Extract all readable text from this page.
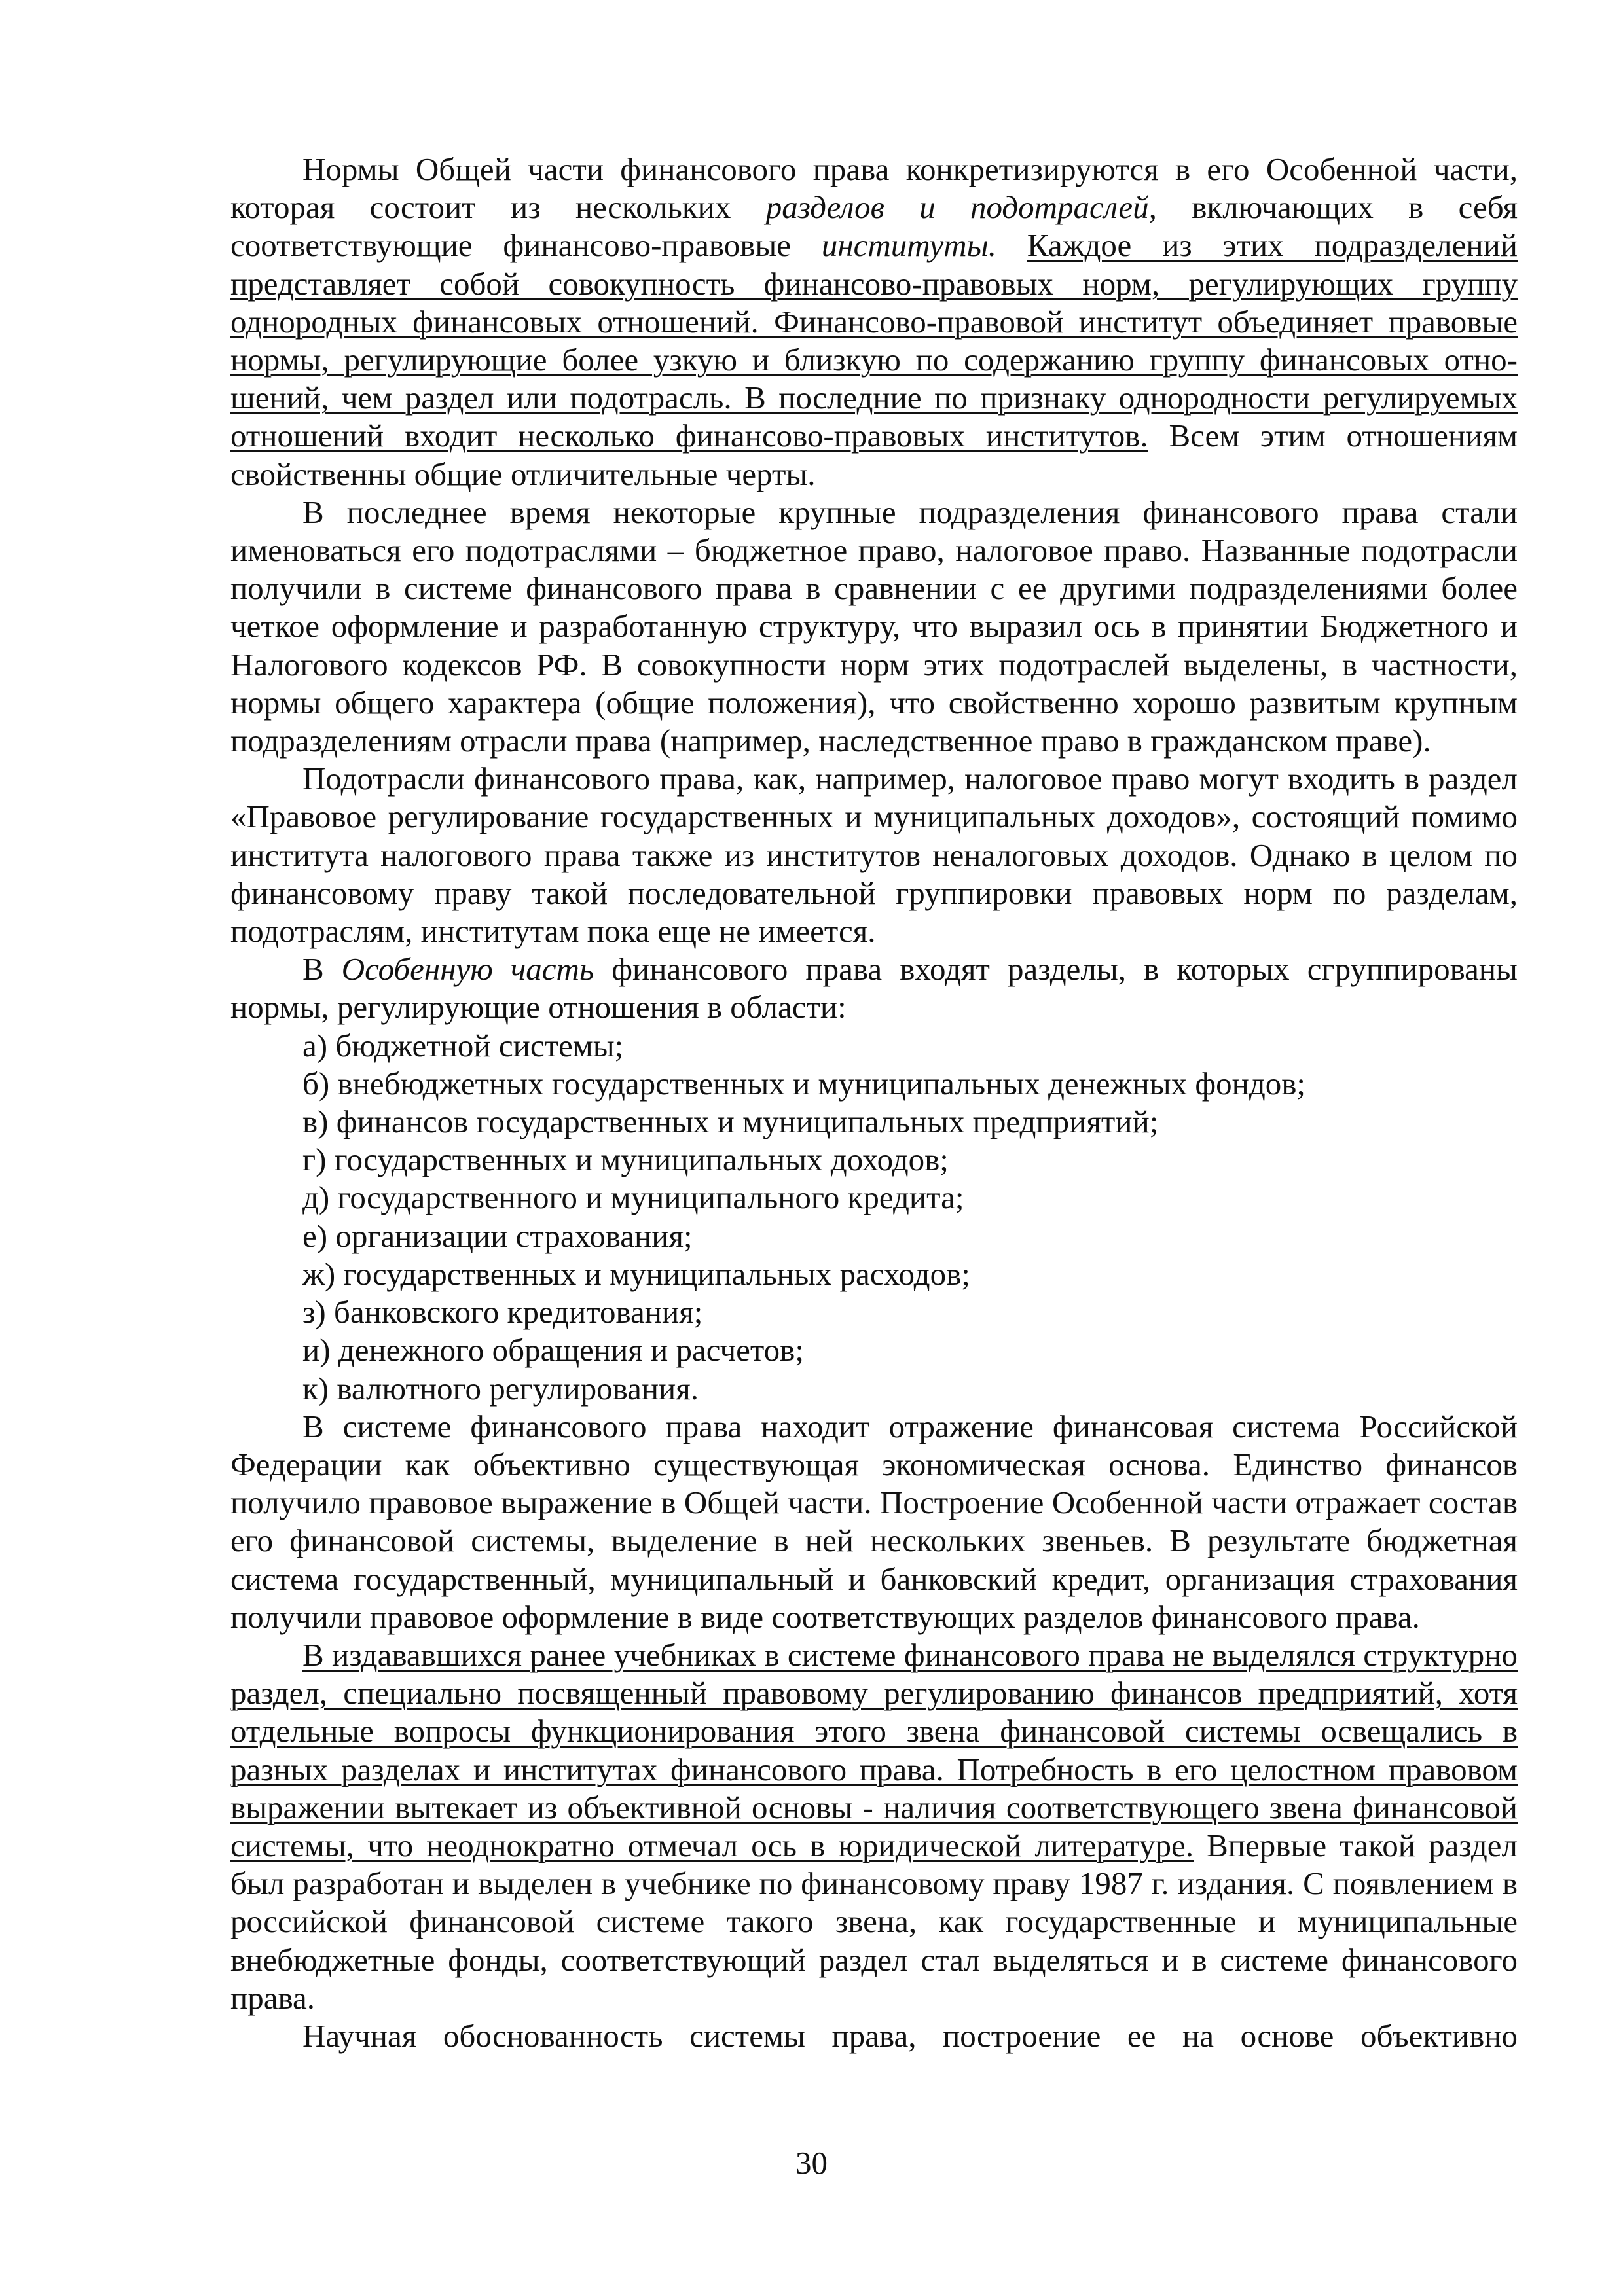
Нормы Общей части финансового права конкретизируются в его Особенной части, которая состоит из нескольких разделов и подотраслей, включающих в себя соответствующие финансово-правовые институты. Каждое из этих подразделений представляет собой совокупность финансово-правовых норм, регулирующих группу однородных финансовых отношений. Финансово-правовой институт объединяет правовые нормы, регулирующие более узкую и близкую по содержанию группу финансовых отно-шений, чем раздел или подотрасль. В последние по признаку однородности регулируемых отношений входит несколько финансово-правовых институтов. Всем этим отношениям свойственны общие отличительные черты.

В последнее время некоторые крупные подразделения финансового права стали именоваться его подотраслями – бюджетное право, налоговое право. Названные подотрасли получили в системе финансового права в сравнении с ее другими подразделениями более четкое оформление и разработанную структуру, что выразил ось в принятии Бюджетного и Налогового кодексов РФ. В совокупности норм этих подотраслей выделены, в частности, нормы общего характера (общие положения), что свойственно хорошо развитым крупным подразделениям отрасли права (например, наследственное право в гражданском праве).

Подотрасли финансового права, как, например, налоговое право могут входить в раздел «Правовое регулирование государственных и муниципальных доходов», состоящий помимо института налогового права также из институтов неналоговых доходов. Однако в целом по финансовому праву такой последовательной группировки правовых норм по разделам, подотраслям, институтам пока еще не имеется.

В Особенную часть финансового права входят разделы, в которых сгруппированы нормы, регулирующие отношения в области:

а) бюджетной системы;
б) внебюджетных государственных и муниципальных денежных фондов;
в) финансов государственных и муниципальных предприятий;
г) государственных и муниципальных доходов;
д) государственного и муниципального кредита;
е) организации страхования;
ж) государственных и муниципальных расходов;
з) банковского кредитования;
и) денежного обращения и расчетов;
к) валютного регулирования.

В системе финансового права находит отражение финансовая система Российской Федерации как объективно существующая экономическая основа. Единство финансов получило правовое выражение в Общей части. Построение Особенной части отражает состав его финансовой системы, выделение в ней нескольких звеньев. В результате бюджетная система государственный, муниципальный и банковский кредит, организация страхования получили правовое оформление в виде соответствующих разделов финансового права.

В издававшихся ранее учебниках в системе финансового права не выделялся структурно раздел, специально посвященный правовому регулированию финансов предприятий, хотя отдельные вопросы функционирования этого звена финансовой системы освещались в разных разделах и институтах финансового права. Потребность в его целостном правовом выражении вытекает из объективной основы - наличия соответствующего звена финансовой системы, что неоднократно отмечал ось в юридической литературе. Впервые такой раздел был разработан и выделен в учебнике по финансовому праву 1987 г. издания. С появлением в российской финансовой системе такого звена, как государственные и муниципальные внебюджетные фонды, соответствующий раздел стал выделяться и в системе финансового права.

Научная обоснованность системы права, построение ее на основе объективно

30
